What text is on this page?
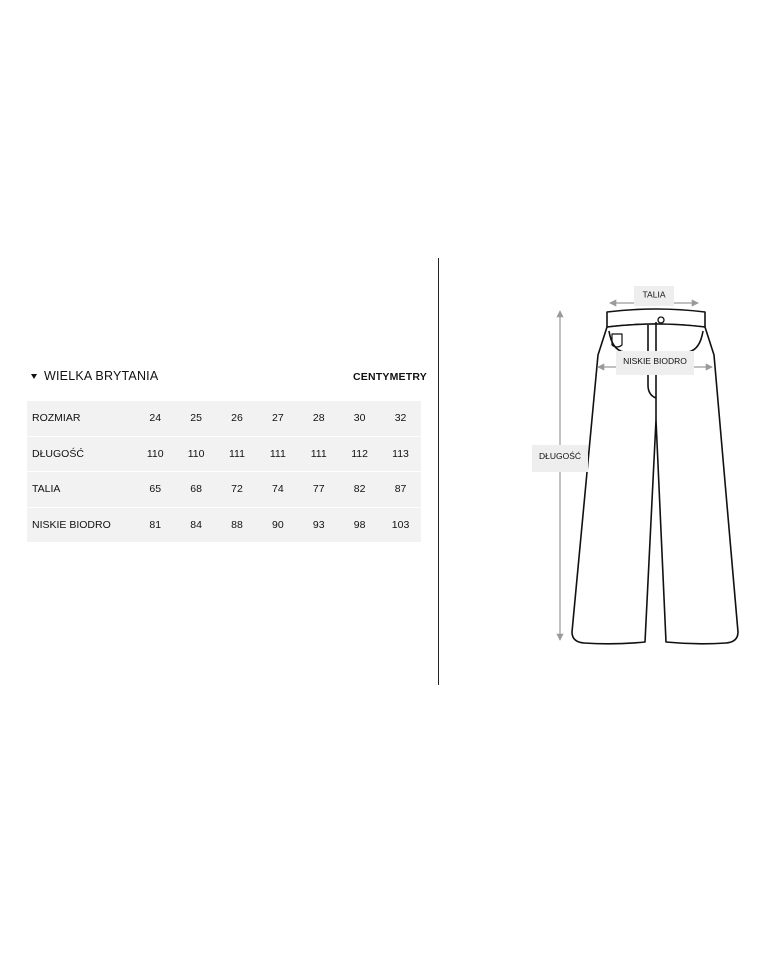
WIELKA BRYTANIA	CENTYMETRY
ROZMIAR	24	25	26	27	28	30	32
DŁUGOŚĆ	110	110	111	111	111	112	113
TALIA	65	68	72	74	77	82	87
NISKIE BIODRO	81	84	88	90	93	98	103
TALIA
NISKIE BIODRO
DŁUGOŚĆ
